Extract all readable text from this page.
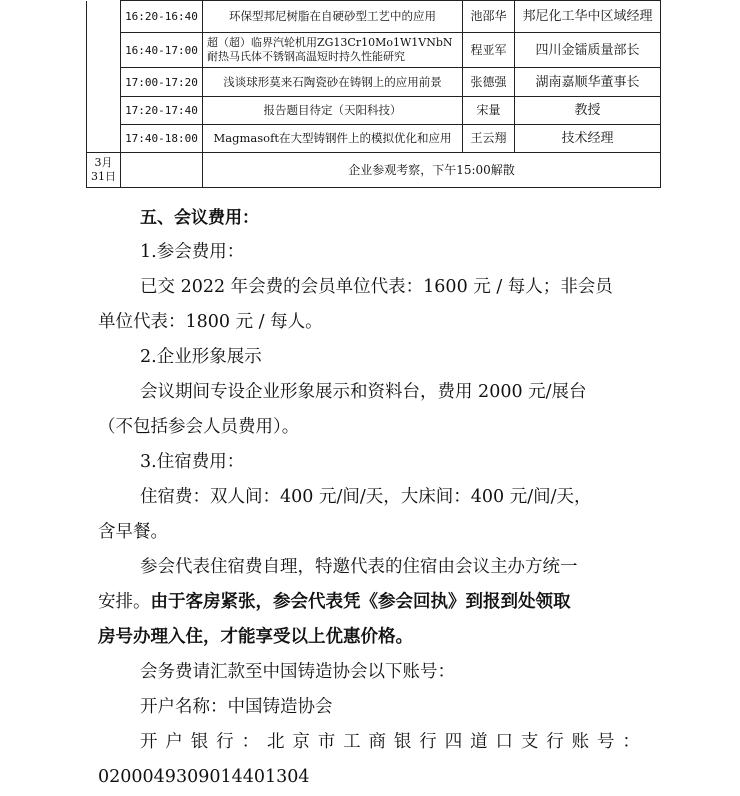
	16:20-16:40	环保型邦尼树脂在自硬砂型工艺中的应用	池邵华	邦尼化工华中区域经理
	16:40-17:00	超（超）临界汽轮机用ZG13Cr10Mo1W1VNbN耐热马氏体不锈钢高温短时持久性能研究	程亚军	四川金镭质量部长
	17:00-17:20	浅谈球形莫来石陶瓷砂在铸钢上的应用前景	张德强	湖南嘉顺华董事长
	17:20-17:40	报告题目待定（天阳科技）	宋量	教授
	17:40-18:00	Magmasoft在大型铸钢件上的模拟优化和应用	王云翔	技术经理

3月
31日		企业参观考察，下午15:00解散		
五、会议费用：
1.参会费用：
已交 2022 年会费的会员单位代表：1600 元 / 每人；非会员
单位代表：1800 元 / 每人。
2.企业形象展示
会议期间专设企业形象展示和资料台，费用 2000 元/展台
（不包括参会人员费用）。
3.住宿费用：
住宿费：双人间：400 元/间/天，大床间：400 元/间/天，
含早餐。
参会代表住宿费自理，特邀代表的住宿由会议主办方统一
安排。由于客房紧张，参会代表凭《参会回执》到报到处领取
房号办理入住，才能享受以上优惠价格。
会务费请汇款至中国铸造协会以下账号：
开户名称：中国铸造协会
开 户 银 行 ： 北 京 市 工 商 银 行 四 道 口 支 行 账 号 ：
0200049309014401304
